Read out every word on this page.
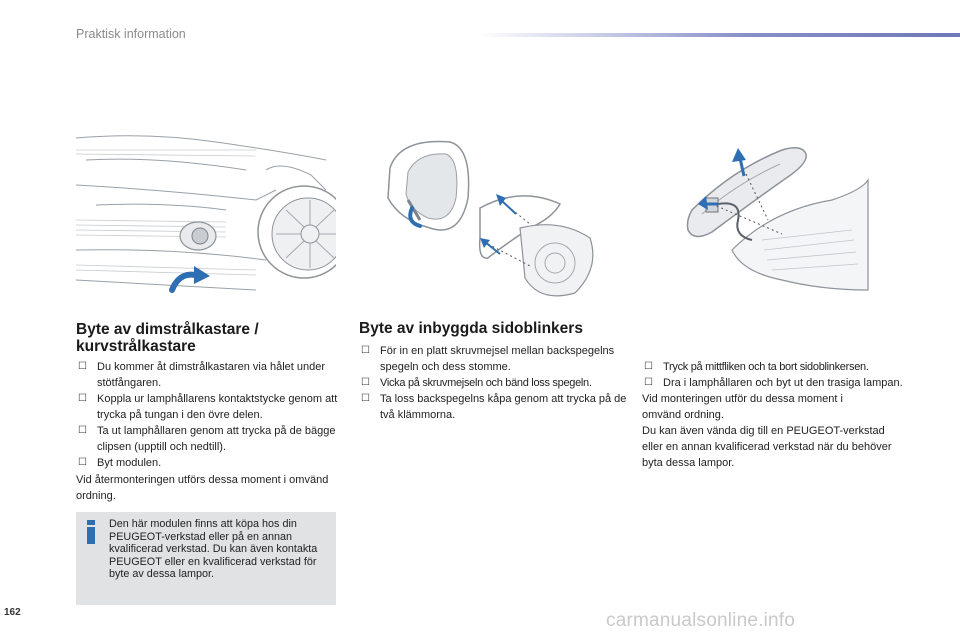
Praktisk information
Byte av dimstrålkastare / kurvstrålkastare
☐ Du kommer åt dimstrålkastaren via hålet under stötfångaren.
☐ Koppla ur lamphållarens kontaktstycke genom att trycka på tungan i den övre delen.
☐ Ta ut lamphållaren genom att trycka på de bägge clipsen (upptill och nedtill).
☐ Byt modulen.

Vid återmonteringen utförs dessa moment i omvänd ordning.

Den här modulen finns att köpa hos din PEUGEOT-verkstad eller på en annan kvalificerad verkstad. Du kan även kontakta PEUGEOT eller en kvalificerad verkstad för byte av dessa lampor.
Byte av inbyggda sidoblinkers
☐ För in en platt skruvmejsel mellan backspegelns spegeln och dess stomme.
☐ Vicka på skruvmejseln och bänd loss spegeln.
☐ Ta loss backspegelns kåpa genom att trycka på de två klämmorna.
☐ Tryck på mittfliken och ta bort sidoblinkersen.
☐ Dra i lamphållaren och byt ut den trasiga lampan.

Vid monteringen utför du dessa moment i omvänd ordning.

Du kan även vända dig till en PEUGEOT-verkstad eller en annan kvalificerad verkstad när du behöver byta dessa lampor.

162	carmanualsonline.info
